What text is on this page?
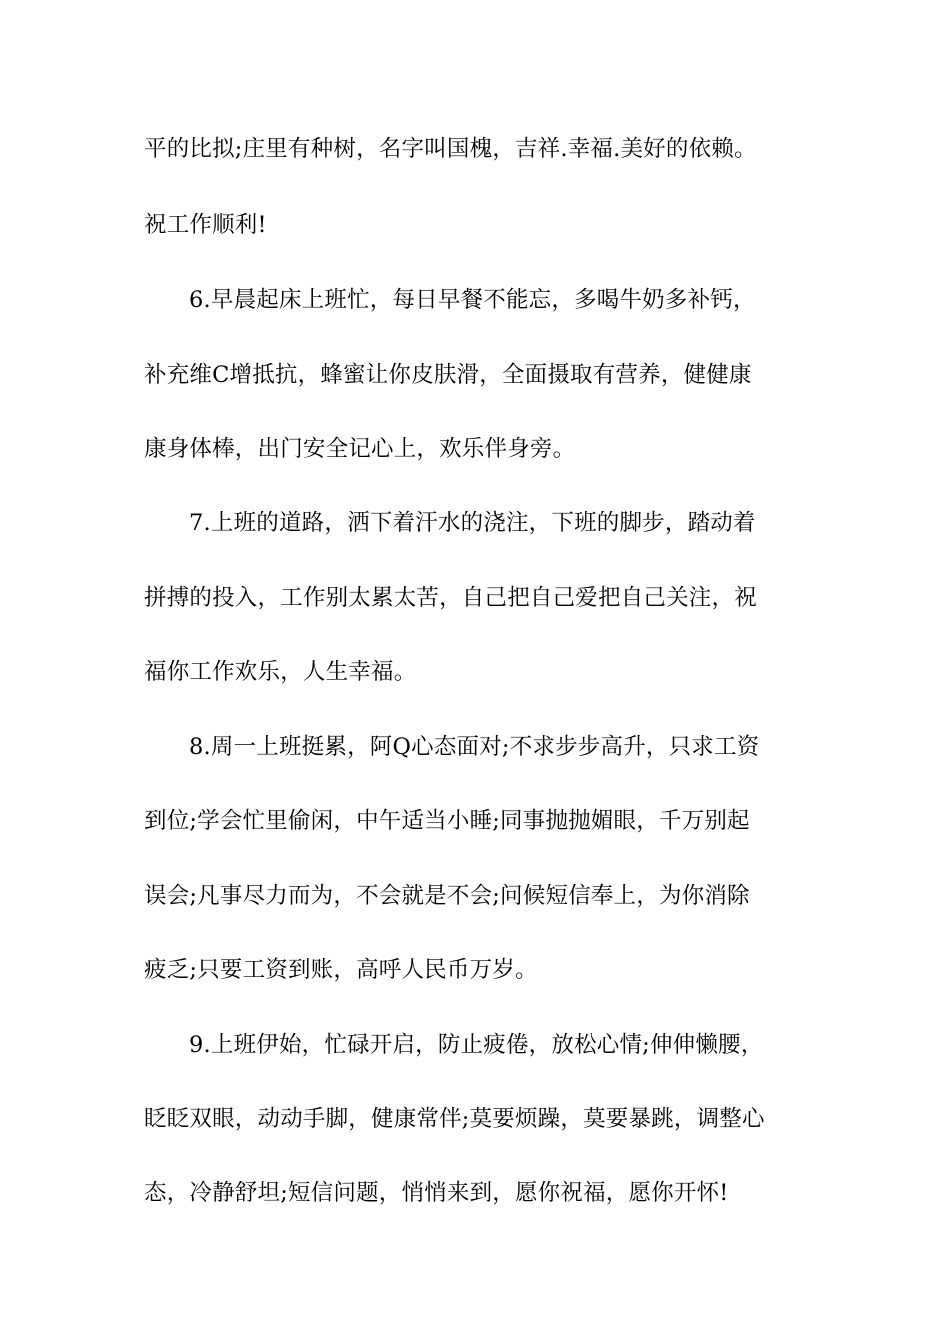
平的比拟;庄里有种树，名字叫国槐，吉祥.幸福.美好的依赖。
祝工作顺利!
6.早晨起床上班忙，每日早餐不能忘，多喝牛奶多补钙，
补充维C增抵抗，蜂蜜让你皮肤滑，全面摄取有营养，健健康
康身体棒，出门安全记心上，欢乐伴身旁。
7.上班的道路，洒下着汗水的浇注，下班的脚步，踏动着
拼搏的投入，工作别太累太苦，自己把自己爱把自己关注，祝
福你工作欢乐，人生幸福。
8.周一上班挺累，阿Q心态面对;不求步步高升，只求工资
到位;学会忙里偷闲，中午适当小睡;同事抛抛媚眼，千万别起
误会;凡事尽力而为，不会就是不会;问候短信奉上，为你消除
疲乏;只要工资到账，高呼人民币万岁。
9.上班伊始，忙碌开启，防止疲倦，放松心情;伸伸懒腰，
眨眨双眼，动动手脚，健康常伴;莫要烦躁，莫要暴跳，调整心
态，冷静舒坦;短信问题，悄悄来到，愿你祝福，愿你开怀!
